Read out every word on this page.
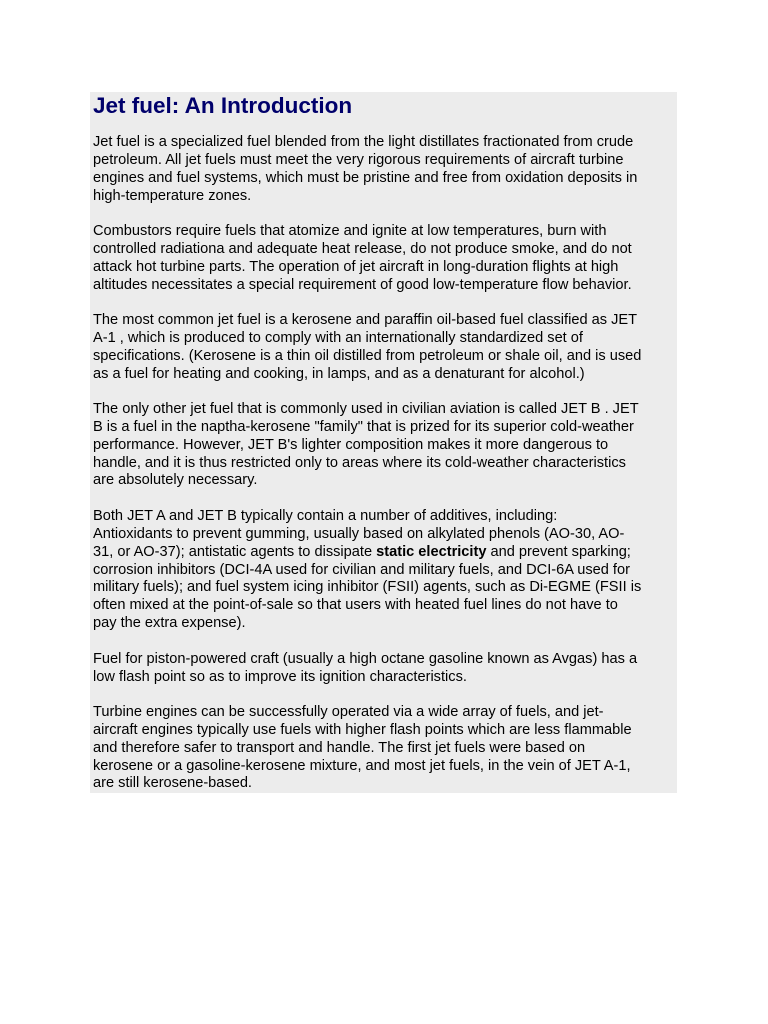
Jet fuel: An Introduction

Jet fuel is a specialized fuel blended from the light distillates fractionated from crude
petroleum. All jet fuels must meet the very rigorous requirements of aircraft turbine
engines and fuel systems, which must be pristine and free from oxidation deposits in
high-temperature zones.

Combustors require fuels that atomize and ignite at low temperatures, burn with
controlled radiationa and adequate heat release, do not produce smoke, and do not
attack hot turbine parts. The operation of jet aircraft in long-duration flights at high
altitudes necessitates a special requirement of good low-temperature flow behavior.

The most common jet fuel is a kerosene and paraffin oil-based fuel classified as JET
A-1 , which is produced to comply with an internationally standardized set of
specifications. (Kerosene is a thin oil distilled from petroleum or shale oil, and is used
as a fuel for heating and cooking, in lamps, and as a denaturant for alcohol.)

The only other jet fuel that is commonly used in civilian aviation is called JET B . JET
B is a fuel in the naptha-kerosene "family" that is prized for its superior cold-weather
performance. However, JET B's lighter composition makes it more dangerous to
handle, and it is thus restricted only to areas where its cold-weather characteristics
are absolutely necessary.

Both JET A and JET B typically contain a number of additives, including:
Antioxidants to prevent gumming, usually based on alkylated phenols (AO-30, AO-
31, or AO-37); antistatic agents to dissipate static electricity and prevent sparking;
corrosion inhibitors (DCI-4A used for civilian and military fuels, and DCI-6A used for
military fuels); and fuel system icing inhibitor (FSII) agents, such as Di-EGME (FSII is
often mixed at the point-of-sale so that users with heated fuel lines do not have to
pay the extra expense).

Fuel for piston-powered craft (usually a high octane gasoline known as Avgas) has a
low flash point so as to improve its ignition characteristics.

Turbine engines can be successfully operated via a wide array of fuels, and jet-
aircraft engines typically use fuels with higher flash points which are less flammable
and therefore safer to transport and handle. The first jet fuels were based on
kerosene or a gasoline-kerosene mixture, and most jet fuels, in the vein of JET A-1,
are still kerosene-based.
